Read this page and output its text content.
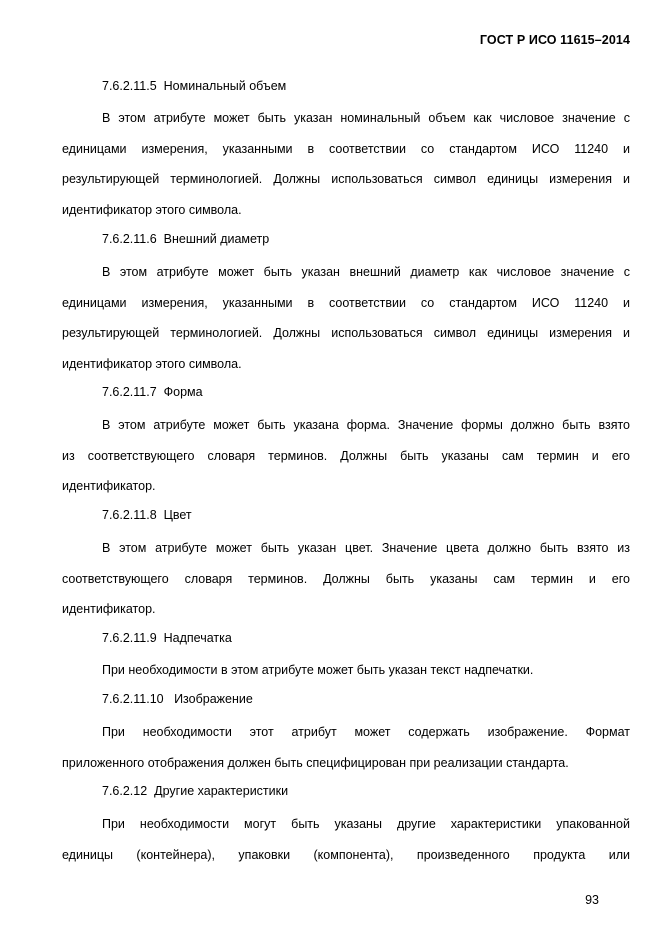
ГОСТ Р ИСО 11615–2014
7.6.2.11.5 Номинальный объем
В этом атрибуте может быть указан номинальный объем как числовое значение с
единицами измерения, указанными в соответствии со стандартом ИСО 11240 и
результирующей терминологией. Должны использоваться символ единицы измерения и
идентификатор этого символа.
7.6.2.11.6 Внешний диаметр
В этом атрибуте может быть указан внешний диаметр как числовое значение с
единицами измерения, указанными в соответствии со стандартом ИСО 11240 и
результирующей терминологией. Должны использоваться символ единицы измерения и
идентификатор этого символа.
7.6.2.11.7 Форма
В этом атрибуте может быть указана форма. Значение формы должно быть взято
из соответствующего словаря терминов. Должны быть указаны сам термин и его
идентификатор.
7.6.2.11.8 Цвет
В этом атрибуте может быть указан цвет. Значение цвета должно быть взято из
соответствующего словаря терминов. Должны быть указаны сам термин и его
идентификатор.
7.6.2.11.9 Надпечатка
При необходимости в этом атрибуте может быть указан текст надпечатки.
7.6.2.11.10 Изображение
При необходимости этот атрибут может содержать изображение. Формат
приложенного отображения должен быть специфицирован при реализации стандарта.
7.6.2.12 Другие характеристики
При необходимости могут быть указаны другие характеристики упакованной
единицы (контейнера), упаковки (компонента), произведенного продукта или
93
